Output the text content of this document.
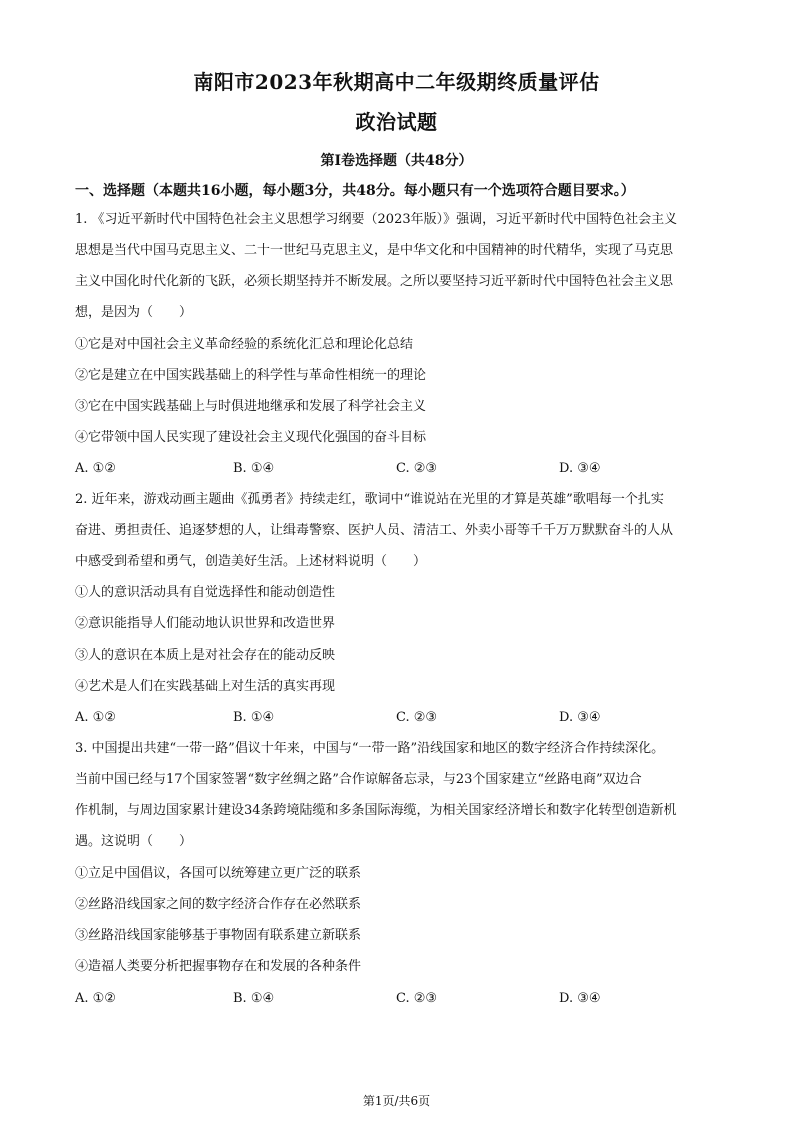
南阳市2023年秋期高中二年级期终质量评估
政治试题
第Ⅰ卷选择题（共48分）
一、选择题（本题共16小题，每小题3分，共48分。每小题只有一个选项符合题目要求。）
1. 《习近平新时代中国特色社会主义思想学习纲要（2023年版）》强调，习近平新时代中国特色社会主义
思想是当代中国马克思主义、二十一世纪马克思主义，是中华文化和中国精神的时代精华，实现了马克思
主义中国化时代化新的飞跃，必须长期坚持并不断发展。之所以要坚持习近平新时代中国特色社会主义思
想，是因为（　　）
①它是对中国社会主义革命经验的系统化汇总和理论化总结
②它是建立在中国实践基础上的科学性与革命性相统一的理论
③它在中国实践基础上与时俱进地继承和发展了科学社会主义
④它带领中国人民实现了建设社会主义现代化强国的奋斗目标
A. ①②	B. ①④	C. ②③	D. ③④
2. 近年来，游戏动画主题曲《孤勇者》持续走红，歌词中“谁说站在光里的才算是英雄”歌唱每一个扎实
奋进、勇担责任、追逐梦想的人，让缉毒警察、医护人员、清洁工、外卖小哥等千千万万默默奋斗的人从
中感受到希望和勇气，创造美好生活。上述材料说明（　　）
①人的意识活动具有自觉选择性和能动创造性
②意识能指导人们能动地认识世界和改造世界
③人的意识在本质上是对社会存在的能动反映
④艺术是人们在实践基础上对生活的真实再现
A. ①②	B. ①④	C. ②③	D. ③④
3. 中国提出共建“一带一路”倡议十年来，中国与“一带一路”沿线国家和地区的数字经济合作持续深化。
当前中国已经与17个国家签署“数字丝绸之路”合作谅解备忘录，与23个国家建立“丝路电商”双边合
作机制，与周边国家累计建设34条跨境陆缆和多条国际海缆，为相关国家经济增长和数字化转型创造新机
遇。这说明（　　）
①立足中国倡议，各国可以统筹建立更广泛的联系
②丝路沿线国家之间的数字经济合作存在必然联系
③丝路沿线国家能够基于事物固有联系建立新联系
④造福人类要分析把握事物存在和发展的各种条件
A. ①②	B. ①④	C. ②③	D. ③④
第1页/共6页
